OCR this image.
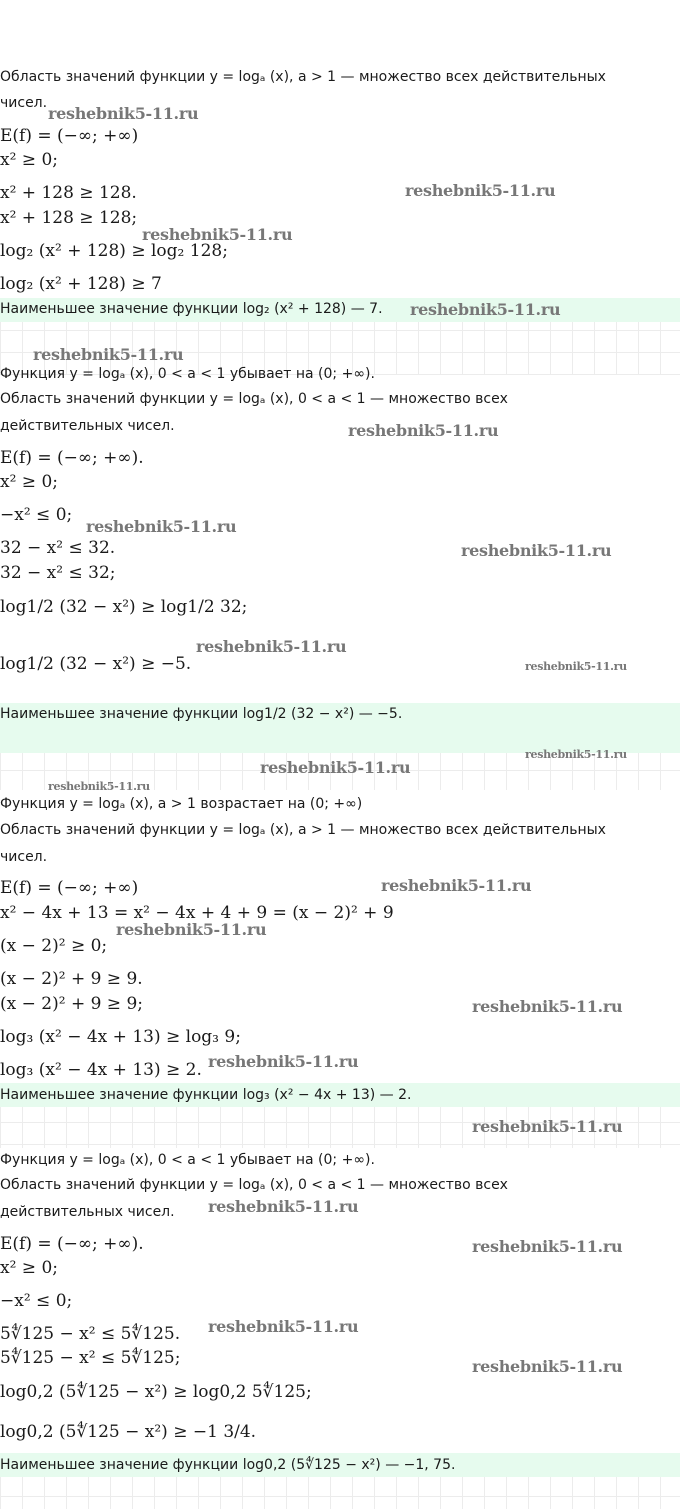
Область значений функции y = logₐ (x), a > 1 — множество всех действительных
чисел.
E(f) = (−∞; +∞)
x² ≥ 0;
x² + 128 ≥ 128.
x² + 128 ≥ 128;
log₂ (x² + 128) ≥ log₂ 128;
log₂ (x² + 128) ≥ 7
Наименьшее значение функции log₂ (x² + 128) — 7.
Функция y = logₐ (x), 0 < a < 1 убывает на (0; +∞).
Область значений функции y = logₐ (x), 0 < a < 1 — множество всех
действительных чисел.
E(f) = (−∞; +∞).
x² ≥ 0;
−x² ≤ 0;
32 − x² ≤ 32.
32 − x² ≤ 32;
log1/2 (32 − x²) ≥ log1/2 32;
log1/2 (32 − x²) ≥ −5.
Наименьшее значение функции log1/2 (32 − x²) — −5.
Функция y = logₐ (x), a > 1 возрастает на (0; +∞)
Область значений функции y = logₐ (x), a > 1 — множество всех действительных
чисел.
E(f) = (−∞; +∞)
x² − 4x + 13 = x² − 4x + 4 + 9 = (x − 2)² + 9
(x − 2)² ≥ 0;
(x − 2)² + 9 ≥ 9.
(x − 2)² + 9 ≥ 9;
log₃ (x² − 4x + 13) ≥ log₃ 9;
log₃ (x² − 4x + 13) ≥ 2.
Наименьшее значение функции log₃ (x² − 4x + 13) — 2.
Функция y = logₐ (x), 0 < a < 1 убывает на (0; +∞).
Область значений функции y = logₐ (x), 0 < a < 1 — множество всех
действительных чисел.
E(f) = (−∞; +∞).
x² ≥ 0;
−x² ≤ 0;
5∜125 − x² ≤ 5∜125.
5∜125 − x² ≤ 5∜125;
log0,2 (5∜125 − x²) ≥ log0,2 5∜125;
log0,2 (5∜125 − x²) ≥ −1 3/4.
Наименьшее значение функции log0,2 (5∜125 − x²) — −1, 75.
reshebnik5-11.ru
reshebnik5-11.ru
reshebnik5-11.ru
reshebnik5-11.ru
reshebnik5-11.ru
reshebnik5-11.ru
reshebnik5-11.ru
reshebnik5-11.ru
reshebnik5-11.ru
reshebnik5-11.ru
reshebnik5-11.ru
reshebnik5-11.ru
reshebnik5-11.ru
reshebnik5-11.ru
reshebnik5-11.ru
reshebnik5-11.ru
reshebnik5-11.ru
reshebnik5-11.ru
reshebnik5-11.ru
reshebnik5-11.ru
reshebnik5-11.ru
reshebnik5-11.ru
